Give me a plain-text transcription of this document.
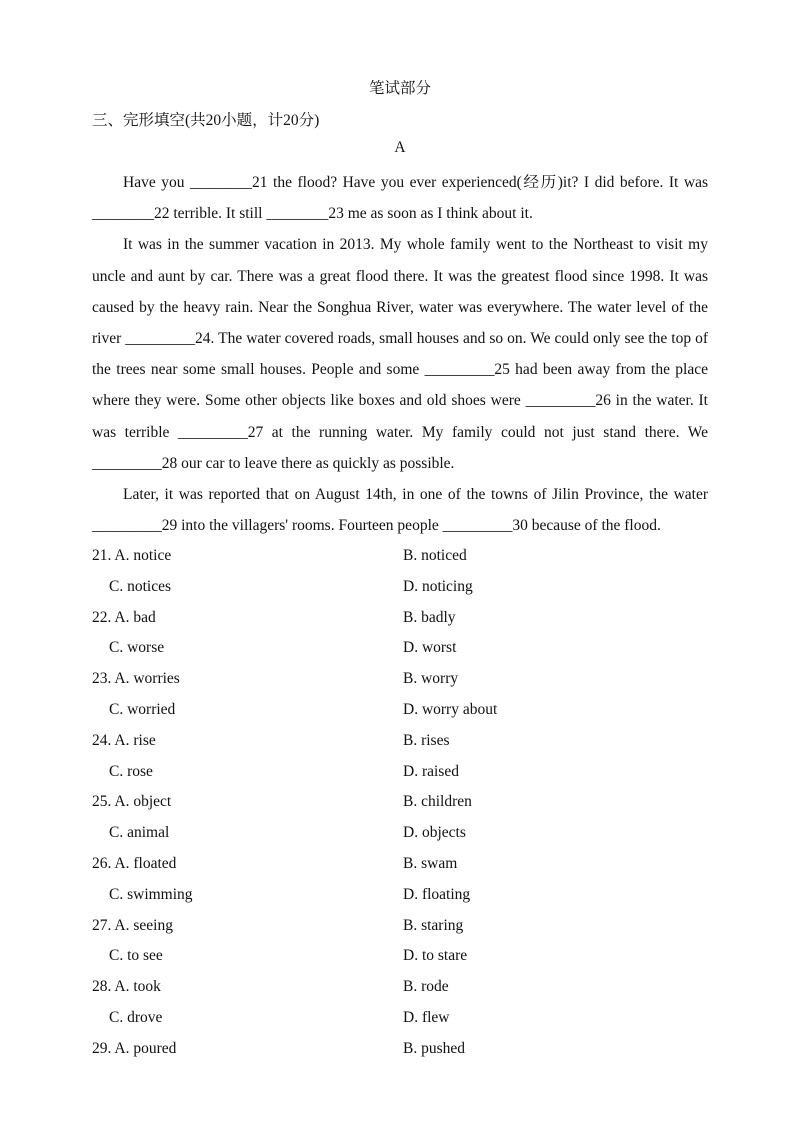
笔试部分
三、完形填空(共20小题，计20分)
A

Have you ________21 the flood? Have you ever experienced(经历)it? I did before. It was ________22 terrible. It still ________23 me as soon as I think about it.

It was in the summer vacation in 2013. My whole family went to the Northeast to visit my uncle and aunt by car. There was a great flood there. It was the greatest flood since 1998. It was caused by the heavy rain. Near the Songhua River, water was everywhere. The water level of the river _________24. The water covered roads, small houses and so on. We could only see the top of the trees near some small houses. People and some _________25 had been away from the place where they were. Some other objects like boxes and old shoes were _________26 in the water. It was terrible _________27 at the running water. My family could not just stand there. We _________28 our car to leave there as quickly as possible.

Later, it was reported that on August 14th, in one of the towns of Jilin Province, the water _________29 into the villagers' rooms. Fourteen people _________30 because of the flood.

21. A. notice	B. noticed
C. notices	D. noticing
22. A. bad	B. badly
C. worse	D. worst
23. A. worries	B. worry
C. worried	D. worry about
24. A. rise	B. rises
C. rose	D. raised
25. A. object	B. children
C. animal	D. objects
26. A. floated	B. swam
C. swimming	D. floating
27. A. seeing	B. staring
C. to see	D. to stare
28. A. took	B. rode
C. drove	D. flew
29. A. poured	B. pushed
